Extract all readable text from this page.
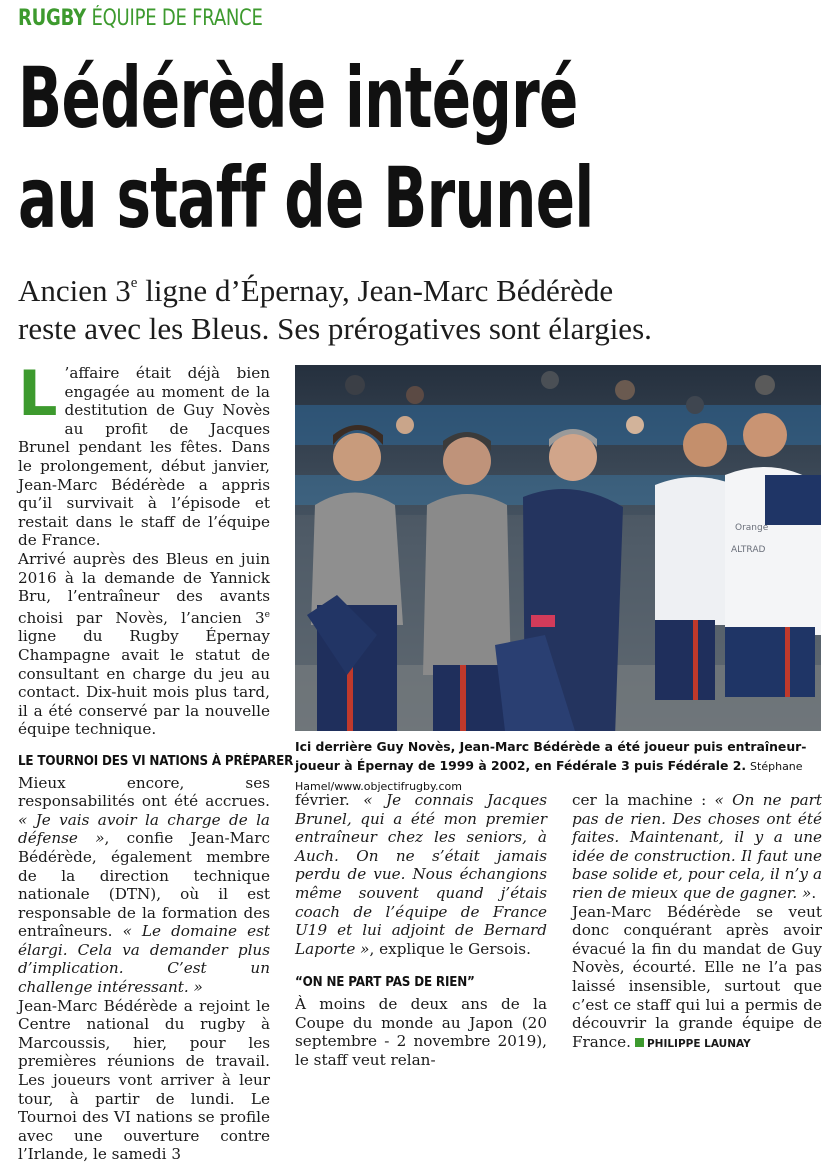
RUGBY ÉQUIPE DE FRANCE
Bédérède intégré
au staff de Brunel
Ancien 3e ligne d’Épernay, Jean-Marc Bédérède
reste avec les Bleus. Ses prérogatives sont élargies.

L ’affaire était déjà bien engagée au moment de la destitution de Guy Novès au profit de Jacques Brunel pendant les fêtes. Dans le prolongement, début janvier, Jean-Marc Bédérède a appris qu’il survivait à l’épisode et restait dans le staff de l’équipe de France.

Arrivé auprès des Bleus en juin 2016 à la demande de Yannick Bru, l’entraîneur des avants choisi par Novès, l’ancien 3e ligne du Rugby Épernay Champagne avait le statut de consultant en charge du jeu au contact. Dix-huit mois plus tard, il a été conservé par la nouvelle équipe technique.

LE TOURNOI DES VI NATIONS À PRÉPARER

Mieux encore, ses responsabilités ont été accrues. « Je vais avoir la charge de la défense », confie Jean-Marc Bédérède, également membre de la direction technique nationale (DTN), où il est responsable de la formation des entraîneurs. « Le domaine est élargi. Cela va demander plus d’implication. C’est un challenge intéressant. »

Jean-Marc Bédérède a rejoint le Centre national du rugby à Marcoussis, hier, pour les premières réunions de travail. Les joueurs vont arriver à leur tour, à partir de lundi. Le Tournoi des VI nations se profile avec une ouverture contre l’Irlande, le samedi 3

Orange
ALTRAD
Ici derrière Guy Novès, Jean-Marc Bédérède a été joueur puis entraîneur-joueur à Épernay de 1999 à 2002, en Fédérale 3 puis Fédérale 2. Stéphane Hamel/www.objectifrugby.com

février. « Je connais Jacques Brunel, qui a été mon premier entraîneur chez les seniors, à Auch. On ne s’était jamais perdu de vue. Nous échangions même souvent quand j’étais coach de l’équipe de France U19 et lui adjoint de Bernard Laporte », explique le Gersois.

“ON NE PART PAS DE RIEN”

À moins de deux ans de la Coupe du monde au Japon (20 septembre - 2 novembre 2019), le staff veut relan-

cer la machine : « On ne part pas de rien. Des choses ont été faites. Maintenant, il y a une idée de construction. Il faut une base solide et, pour cela, il n’y a rien de mieux que de gagner. ».

Jean-Marc Bédérède se veut donc conquérant après avoir évacué la fin du mandat de Guy Novès, écourté. Elle ne l’a pas laissé insensible, surtout que c’est ce staff qui lui a permis de découvrir la grande équipe de France. PHILIPPE LAUNAY
